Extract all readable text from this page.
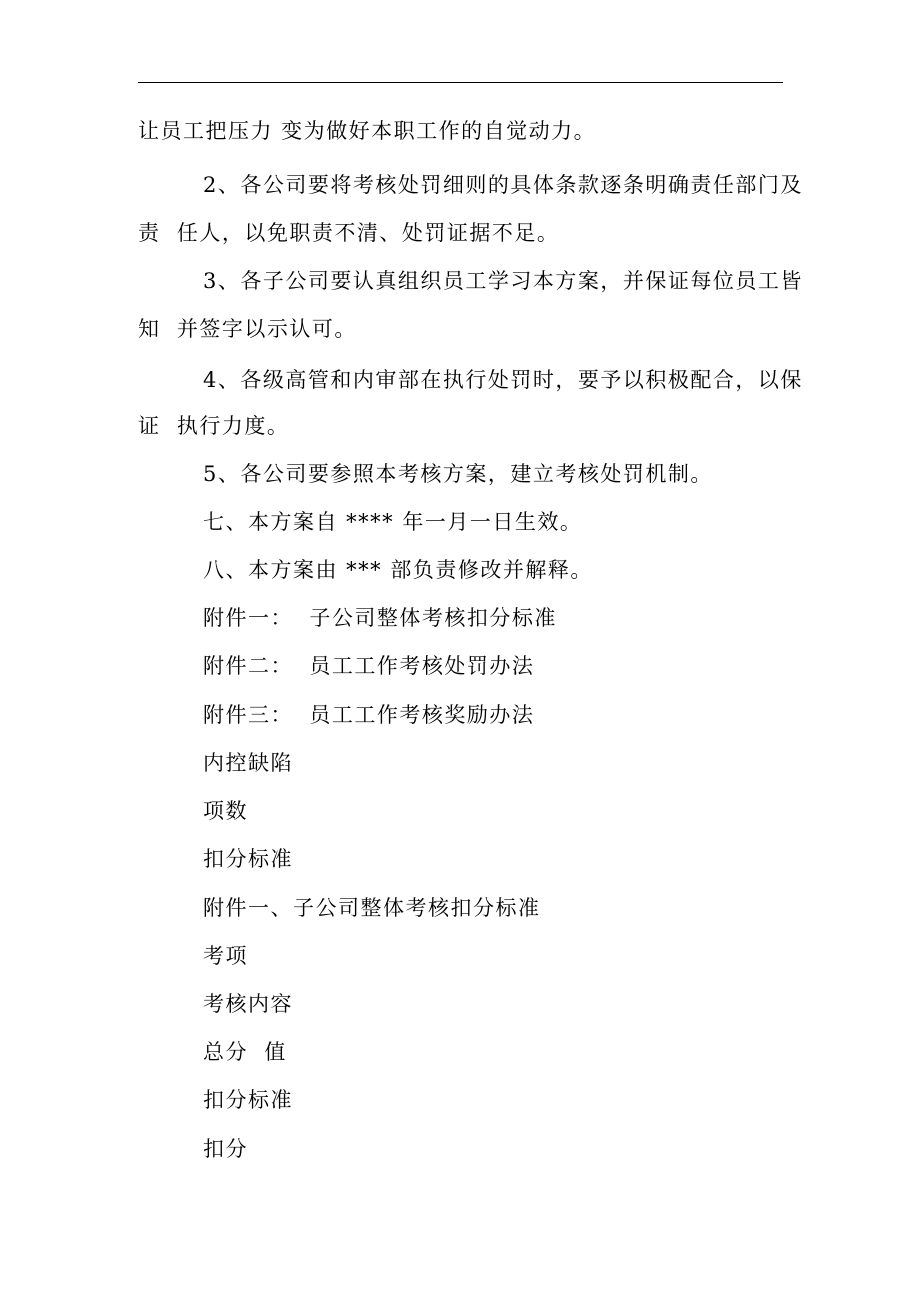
让员工把压力 变为做好本职工作的自觉动力。
2、各公司要将考核处罚细则的具体条款逐条明确责任部门及
责  任人，以免职责不清、处罚证据不足。
3、各子公司要认真组织员工学习本方案，并保证每位员工皆
知  并签字以示认可。
4、各级高管和内审部在执行处罚时，要予以积极配合，以保
证  执行力度。
5、各公司要参照本考核方案，建立考核处罚机制。
七、本方案自 **** 年一月一日生效。
八、本方案由 *** 部负责修改并解释。
附件一：  子公司整体考核扣分标准
附件二：  员工工作考核处罚办法
附件三：  员工工作考核奖励办法
内控缺陷
项数
扣分标准
附件一、子公司整体考核扣分标准
考项
考核内容
总分  值
扣分标准
扣分
